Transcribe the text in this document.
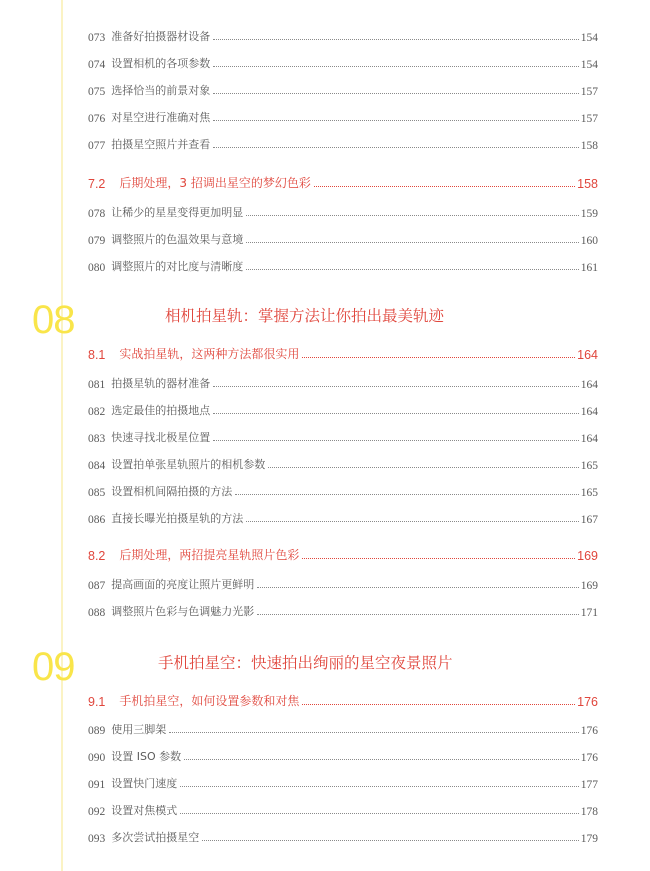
073 准备好拍摄器材设备	154
074 设置相机的各项参数	154
075 选择恰当的前景对象	157
076 对星空进行准确对焦	157
077 拍摄星空照片并查看	158
7.2 后期处理，3 招调出星空的梦幻色彩	158
078 让稀少的星星变得更加明显	159
079 调整照片的色温效果与意境	160
080 调整照片的对比度与清晰度	161
08	相机拍星轨：掌握方法让你拍出最美轨迹
8.1 实战拍星轨，这两种方法都很实用	164
081 拍摄星轨的器材准备	164
082 选定最佳的拍摄地点	164
083 快速寻找北极星位置	164
084 设置拍单张星轨照片的相机参数	165
085 设置相机间隔拍摄的方法	165
086 直接长曝光拍摄星轨的方法	167
8.2 后期处理，两招提亮星轨照片色彩	169
087 提高画面的亮度让照片更鲜明	169
088 调整照片色彩与色调魅力光影	171
09	手机拍星空：快速拍出绚丽的星空夜景照片
9.1 手机拍星空，如何设置参数和对焦	176
089 使用三脚架	176
090 设置 ISO 参数	176
091 设置快门速度	177
092 设置对焦模式	178
093 多次尝试拍摄星空	179
